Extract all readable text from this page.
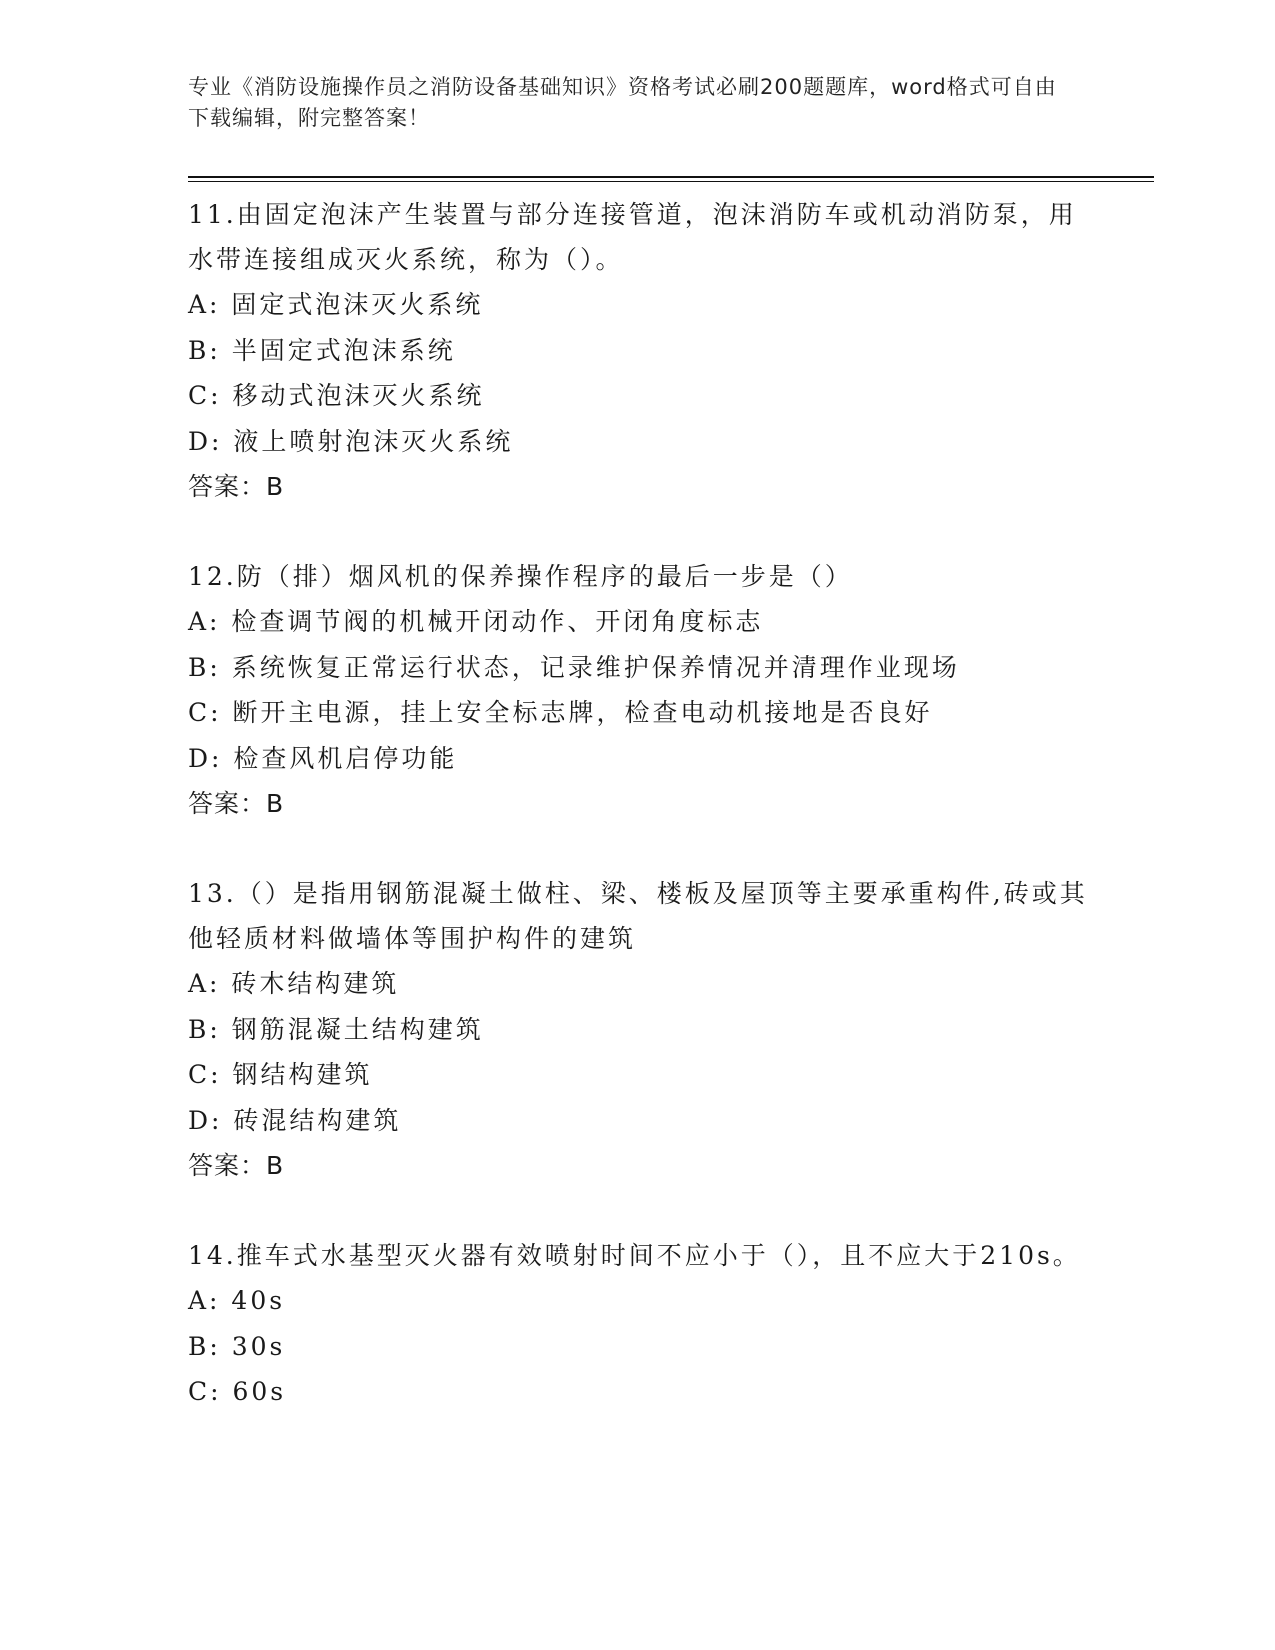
专业《消防设施操作员之消防设备基础知识》资格考试必刷200题题库，word格式可自由下载编辑，附完整答案！
11.由固定泡沫产生装置与部分连接管道，泡沫消防车或机动消防泵，用水带连接组成灭火系统，称为（）。
A: 固定式泡沫灭火系统
B: 半固定式泡沫系统
C: 移动式泡沫灭火系统
D: 液上喷射泡沫灭火系统
答案：B
12.防（排）烟风机的保养操作程序的最后一步是（）
A: 检查调节阀的机械开闭动作、开闭角度标志
B: 系统恢复正常运行状态，记录维护保养情况并清理作业现场
C: 断开主电源，挂上安全标志牌，检查电动机接地是否良好
D: 检查风机启停功能
答案：B
13.（）是指用钢筋混凝土做柱、梁、楼板及屋顶等主要承重构件,砖或其他轻质材料做墙体等围护构件的建筑
A: 砖木结构建筑
B: 钢筋混凝土结构建筑
C: 钢结构建筑
D: 砖混结构建筑
答案：B
14.推车式水基型灭火器有效喷射时间不应小于（），且不应大于210s。
A: 40s
B: 30s
C: 60s
